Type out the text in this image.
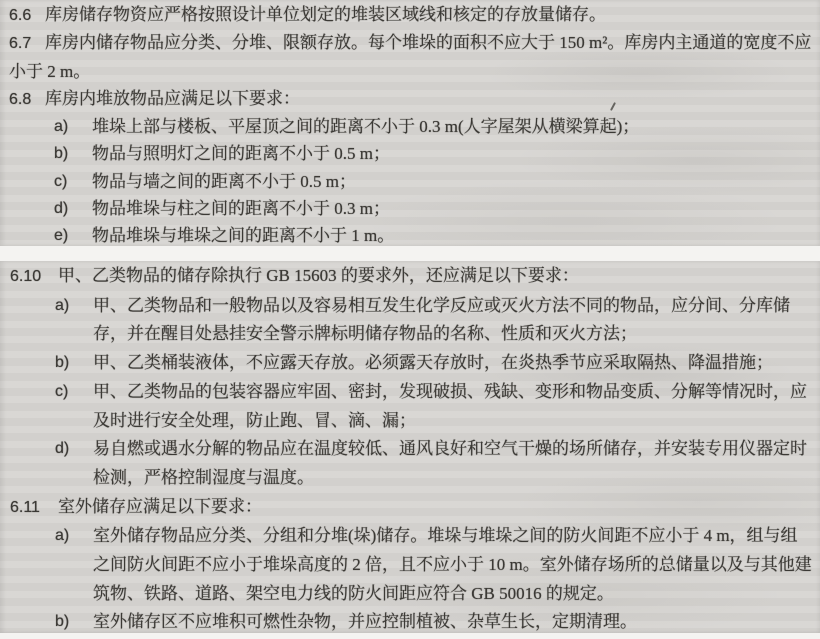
6.6 库房储存物资应严格按照设计单位划定的堆装区域线和核定的存放量储存。

6.7 库房内储存物品应分类、分堆、限额存放。每个堆垛的面积不应大于 150 m²。库房内主通道的宽度不应小于 2 m。

6.8 库房内堆放物品应满足以下要求：

a)	堆垛上部与楼板、平屋顶之间的距离不小于 0.3 m(人字屋架从横梁算起)；
b)	物品与照明灯之间的距离不小于 0.5 m；
c)	物品与墙之间的距离不小于 0.5 m；
d)	物品堆垛与柱之间的距离不小于 0.3 m；
e)	物品堆垛与堆垛之间的距离不小于 1 m。

6.10 甲、乙类物品的储存除执行 GB 15603 的要求外，还应满足以下要求：

a)	甲、乙类物品和一般物品以及容易相互发生化学反应或灭火方法不同的物品，应分间、分库储存，并在醒目处悬挂安全警示牌标明储存物品的名称、性质和灭火方法；
b)	甲、乙类桶装液体，不应露天存放。必须露天存放时，在炎热季节应采取隔热、降温措施；
c)	甲、乙类物品的包装容器应牢固、密封，发现破损、残缺、变形和物品变质、分解等情况时，应及时进行安全处理，防止跑、冒、滴、漏；
d)	易自燃或遇水分解的物品应在温度较低、通风良好和空气干燥的场所储存，并安装专用仪器定时检测，严格控制湿度与温度。

6.11 室外储存应满足以下要求：

a)	室外储存物品应分类、分组和分堆(垛)储存。堆垛与堆垛之间的防火间距不应小于 4 m，组与组之间防火间距不应小于堆垛高度的 2 倍，且不应小于 10 m。室外储存场所的总储量以及与其他建筑物、铁路、道路、架空电力线的防火间距应符合 GB 50016 的规定。
b)	室外储存区不应堆积可燃性杂物，并应控制植被、杂草生长，定期清理。
